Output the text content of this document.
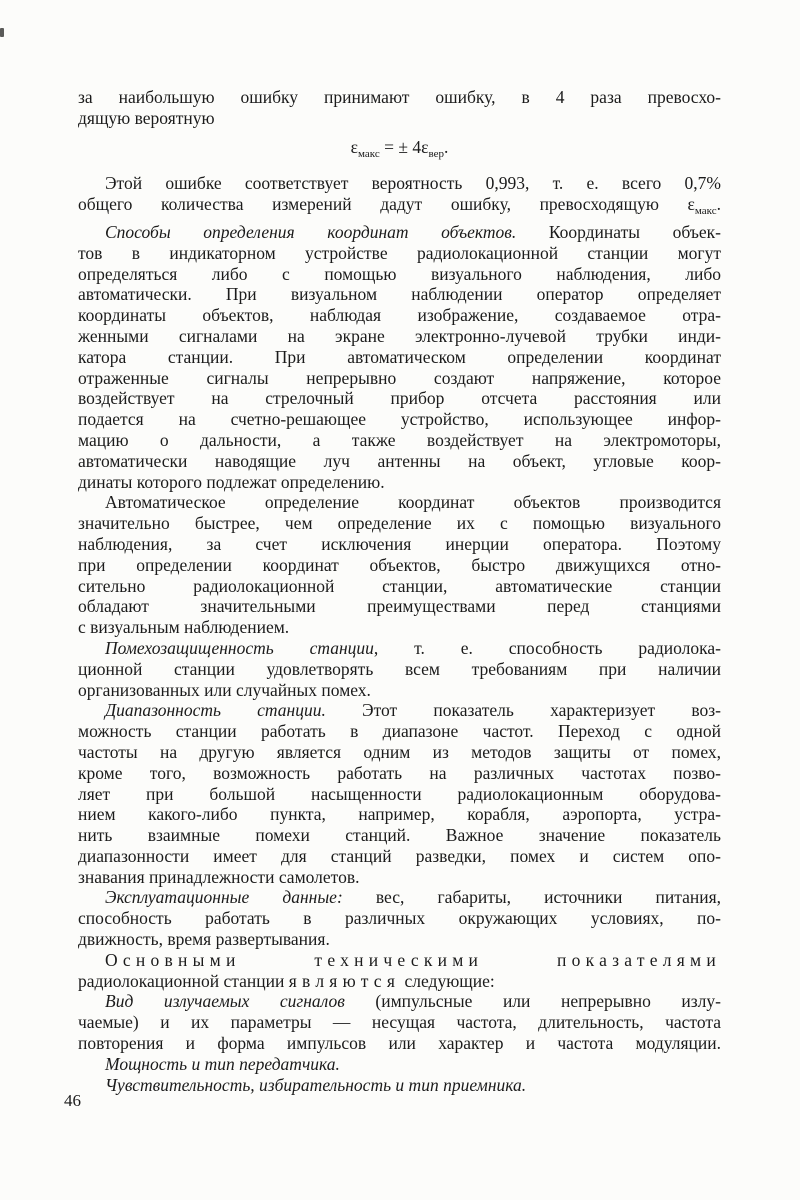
за наибольшую ошибку принимают ошибку, в 4 раза превосхо-
дящую вероятную
$\varepsilon_{макс}$ = ± $4\varepsilon_{вер}$.
Этой ошибке соответствует вероятность 0,993, т. е. всего 0,7%
общего количества измерений дадут ошибку, превосходящую $\varepsilon_{макс}$.
Способы определения координат объектов. Координаты объек-
тов в индикаторном устройстве радиолокационной станции могут
определяться либо с помощью визуального наблюдения, либо
автоматически. При визуальном наблюдении оператор определяет
координаты объектов, наблюдая изображение, создаваемое отра-
женными сигналами на экране электронно-лучевой трубки инди-
катора станции. При автоматическом определении координат
отраженные сигналы непрерывно создают напряжение, которое
воздействует на стрелочный прибор отсчета расстояния или
подается на счетно-решающее устройство, использующее инфор-
мацию о дальности, а также воздействует на электромоторы,
автоматически наводящие луч антенны на объект, угловые коор-
динаты которого подлежат определению.
Автоматическое определение координат объектов производится
значительно быстрее, чем определение их с помощью визуального
наблюдения, за счет исключения инерции оператора. Поэтому
при определении координат объектов, быстро движущихся отно-
сительно радиолокационной станции, автоматические станции
обладают значительными преимуществами перед станциями
с визуальным наблюдением.
Помехозащищенность станции, т. е. способность радиолока-
ционной станции удовлетворять всем требованиям при наличии
организованных или случайных помех.
Диапазонность станции. Этот показатель характеризует воз-
можность станции работать в диапазоне частот. Переход с одной
частоты на другую является одним из методов защиты от помех,
кроме того, возможность работать на различных частотах позво-
ляет при большой насыщенности радиолокационным оборудова-
нием какого-либо пункта, например, корабля, аэропорта, устра-
нить взаимные помехи станций. Важное значение показатель
диапазонности имеет для станций разведки, помех и систем опо-
знавания принадлежности самолетов.
Эксплуатационные данные: вес, габариты, источники питания,
способность работать в различных окружающих условиях, по-
движность, время развертывания.
Основными техническими показателями
радиолокационной станции являются следующие:
Вид излучаемых сигналов (импульсные или непрерывно излу-
чаемые) и их параметры — несущая частота, длительность, частота
повторения и форма импульсов или характер и частота модуляции.
Мощность и тип передатчика.
Чувствительность, избирательность и тип приемника.
46
